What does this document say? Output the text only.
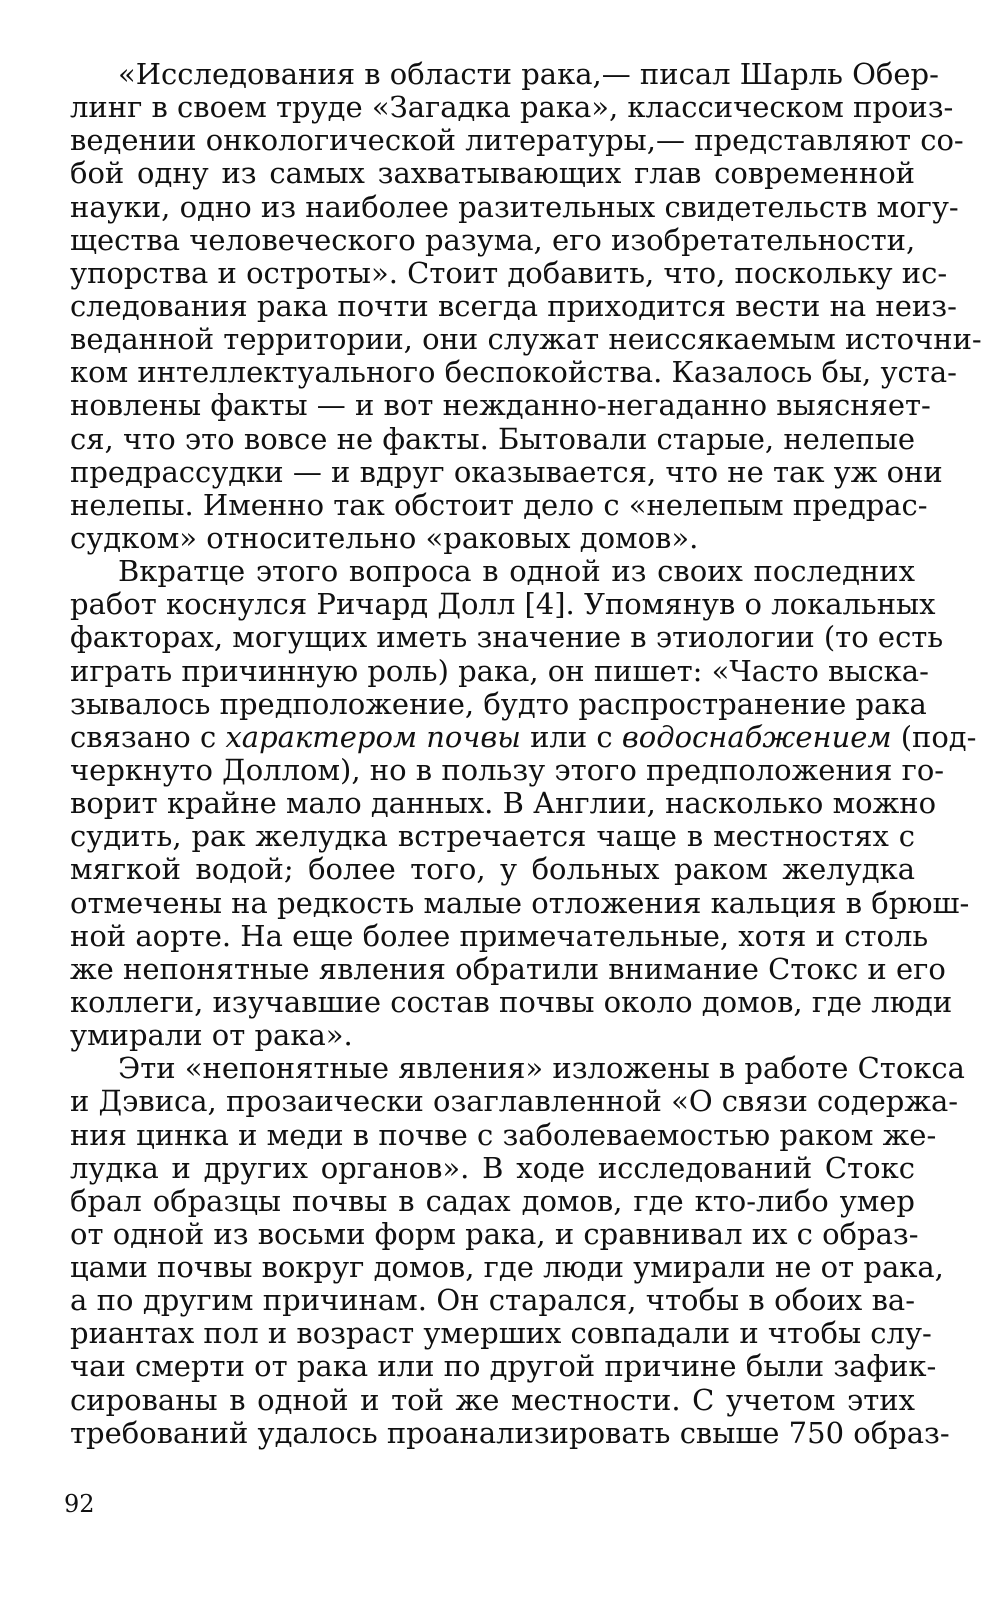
«Исследования в области рака,— писал Шарль Обер-
линг в своем труде «Загадка рака», классическом произ-
ведении онкологической литературы,— представляют со-
бой одну из самых захватывающих глав современной
науки, одно из наиболее разительных свидетельств могу-
щества человеческого разума, его изобретательности,
упорства и остроты». Стоит добавить, что, поскольку ис-
следования рака почти всегда приходится вести на неиз-
веданной территории, они служат неиссякаемым источни-
ком интеллектуального беспокойства. Казалось бы, уста-
новлены факты — и вот нежданно-негаданно выясняет-
ся, что это вовсе не факты. Бытовали старые, нелепые
предрассудки — и вдруг оказывается, что не так уж они
нелепы. Именно так обстоит дело с «нелепым предрас-
судком» относительно «раковых домов».
Вкратце этого вопроса в одной из своих последних
работ коснулся Ричард Долл [4]. Упомянув о локальных
факторах, могущих иметь значение в этиологии (то есть
играть причинную роль) рака, он пишет: «Часто выска-
зывалось предположение, будто распространение рака
связано с характером почвы или с водоснабжением (под-
черкнуто Доллом), но в пользу этого предположения го-
ворит крайне мало данных. В Англии, насколько можно
судить, рак желудка встречается чаще в местностях с
мягкой водой; более того, у больных раком желудка
отмечены на редкость малые отложения кальция в брюш-
ной аорте. На еще более примечательные, хотя и столь
же непонятные явления обратили внимание Стокс и его
коллеги, изучавшие состав почвы около домов, где люди
умирали от рака».
Эти «непонятные явления» изложены в работе Стокса
и Дэвиса, прозаически озаглавленной «О связи содержа-
ния цинка и меди в почве с заболеваемостью раком же-
лудка и других органов». В ходе исследований Стокс
брал образцы почвы в садах домов, где кто-либо умер
от одной из восьми форм рака, и сравнивал их с образ-
цами почвы вокруг домов, где люди умирали не от рака,
а по другим причинам. Он старался, чтобы в обоих ва-
риантах пол и возраст умерших совпадали и чтобы слу-
чаи смерти от рака или по другой причине были зафик-
сированы в одной и той же местности. С учетом этих
требований удалось проанализировать свыше 750 образ-
92
